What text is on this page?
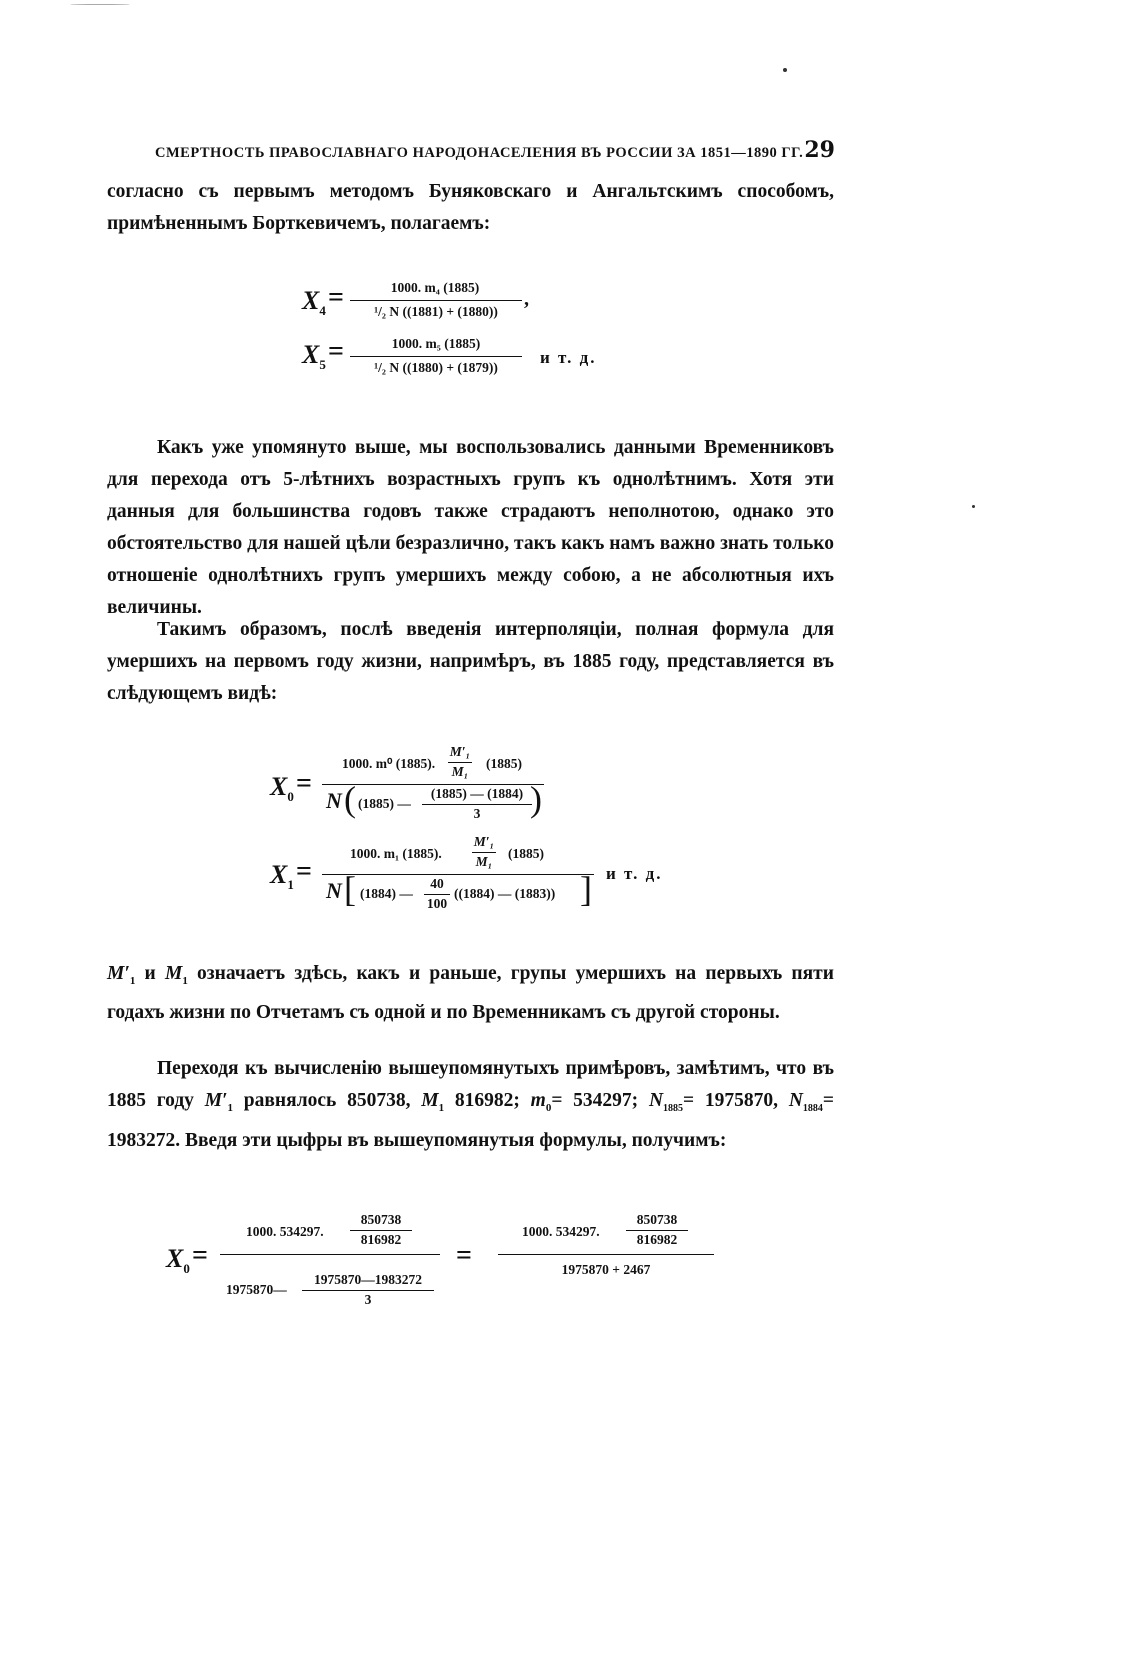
СМЕРТНОСТЬ ПРАВОСЛАВНАГО НАРОДОНАСЕЛЕНИЯ ВЪ РОССИИ ЗА 1851—1890 ГГ. 29

согласно съ первымъ методомъ Буняковскаго и Ангальтскимъ способомъ, примѣненнымъ Борткевичемъ, полагаемъ:

$X_4$ =	1000. m₄ (1885)
¹/₂ N ((1881) + (1880))
,
$X_5$ =	1000. m₅ (1885)
¹/₂ N ((1880) + (1879))
и т. д.

Какъ уже упомянуто выше, мы воспользовались данными Временниковъ для перехода отъ 5-лѣтнихъ возрастныхъ групъ къ однолѣтнимъ. Хотя эти данныя для большинства годовъ также страдаютъ неполнотою, однако это обстоятельство для нашей цѣли безразлично, такъ какъ намъ важно знать только отношеніе однолѣтнихъ групъ умершихъ между собою, а не абсолютныя ихъ величины.

Такимъ образомъ, послѣ введенія интерполяціи, полная формула для умершихъ на первомъ году жизни, напримѣръ, въ 1885 году, представляется въ слѣдующемъ видѣ:

$X_0$ =
1000. m⁰ (1885).
M′₁
M₁
(1885)
N ( (1885) —
(1885) — (1884)
3	)
$X_1$ =
1000. m₁ (1885).
M′₁
M₁
(1885)
N [ (1884) —
40
100
((1884) — (1883)) ] и т. д.

$M'_1$ и $M_1$ означаетъ здѣсь, какъ и раньше, групы умершихъ на первыхъ пяти годахъ жизни по Отчетамъ съ одной и по Временникамъ съ другой стороны.

Переходя къ вычисленію вышеупомянутыхъ примѣровъ, замѣтимъ, что въ 1885 году $M'_1$ равнялось 850738, $M_1$ 816982; $m_0= 534297$; $N_{1885}= 1975870$, $N_{1884}= 1983272$. Введя эти цыфры въ вышеупомянутыя формулы, получимъ:

$X_0$ =
1000. 534297.
850738
816982
1975870—
1975870—1983272
3
=
1000. 534297.
850738
816982
1975870 + 2467
